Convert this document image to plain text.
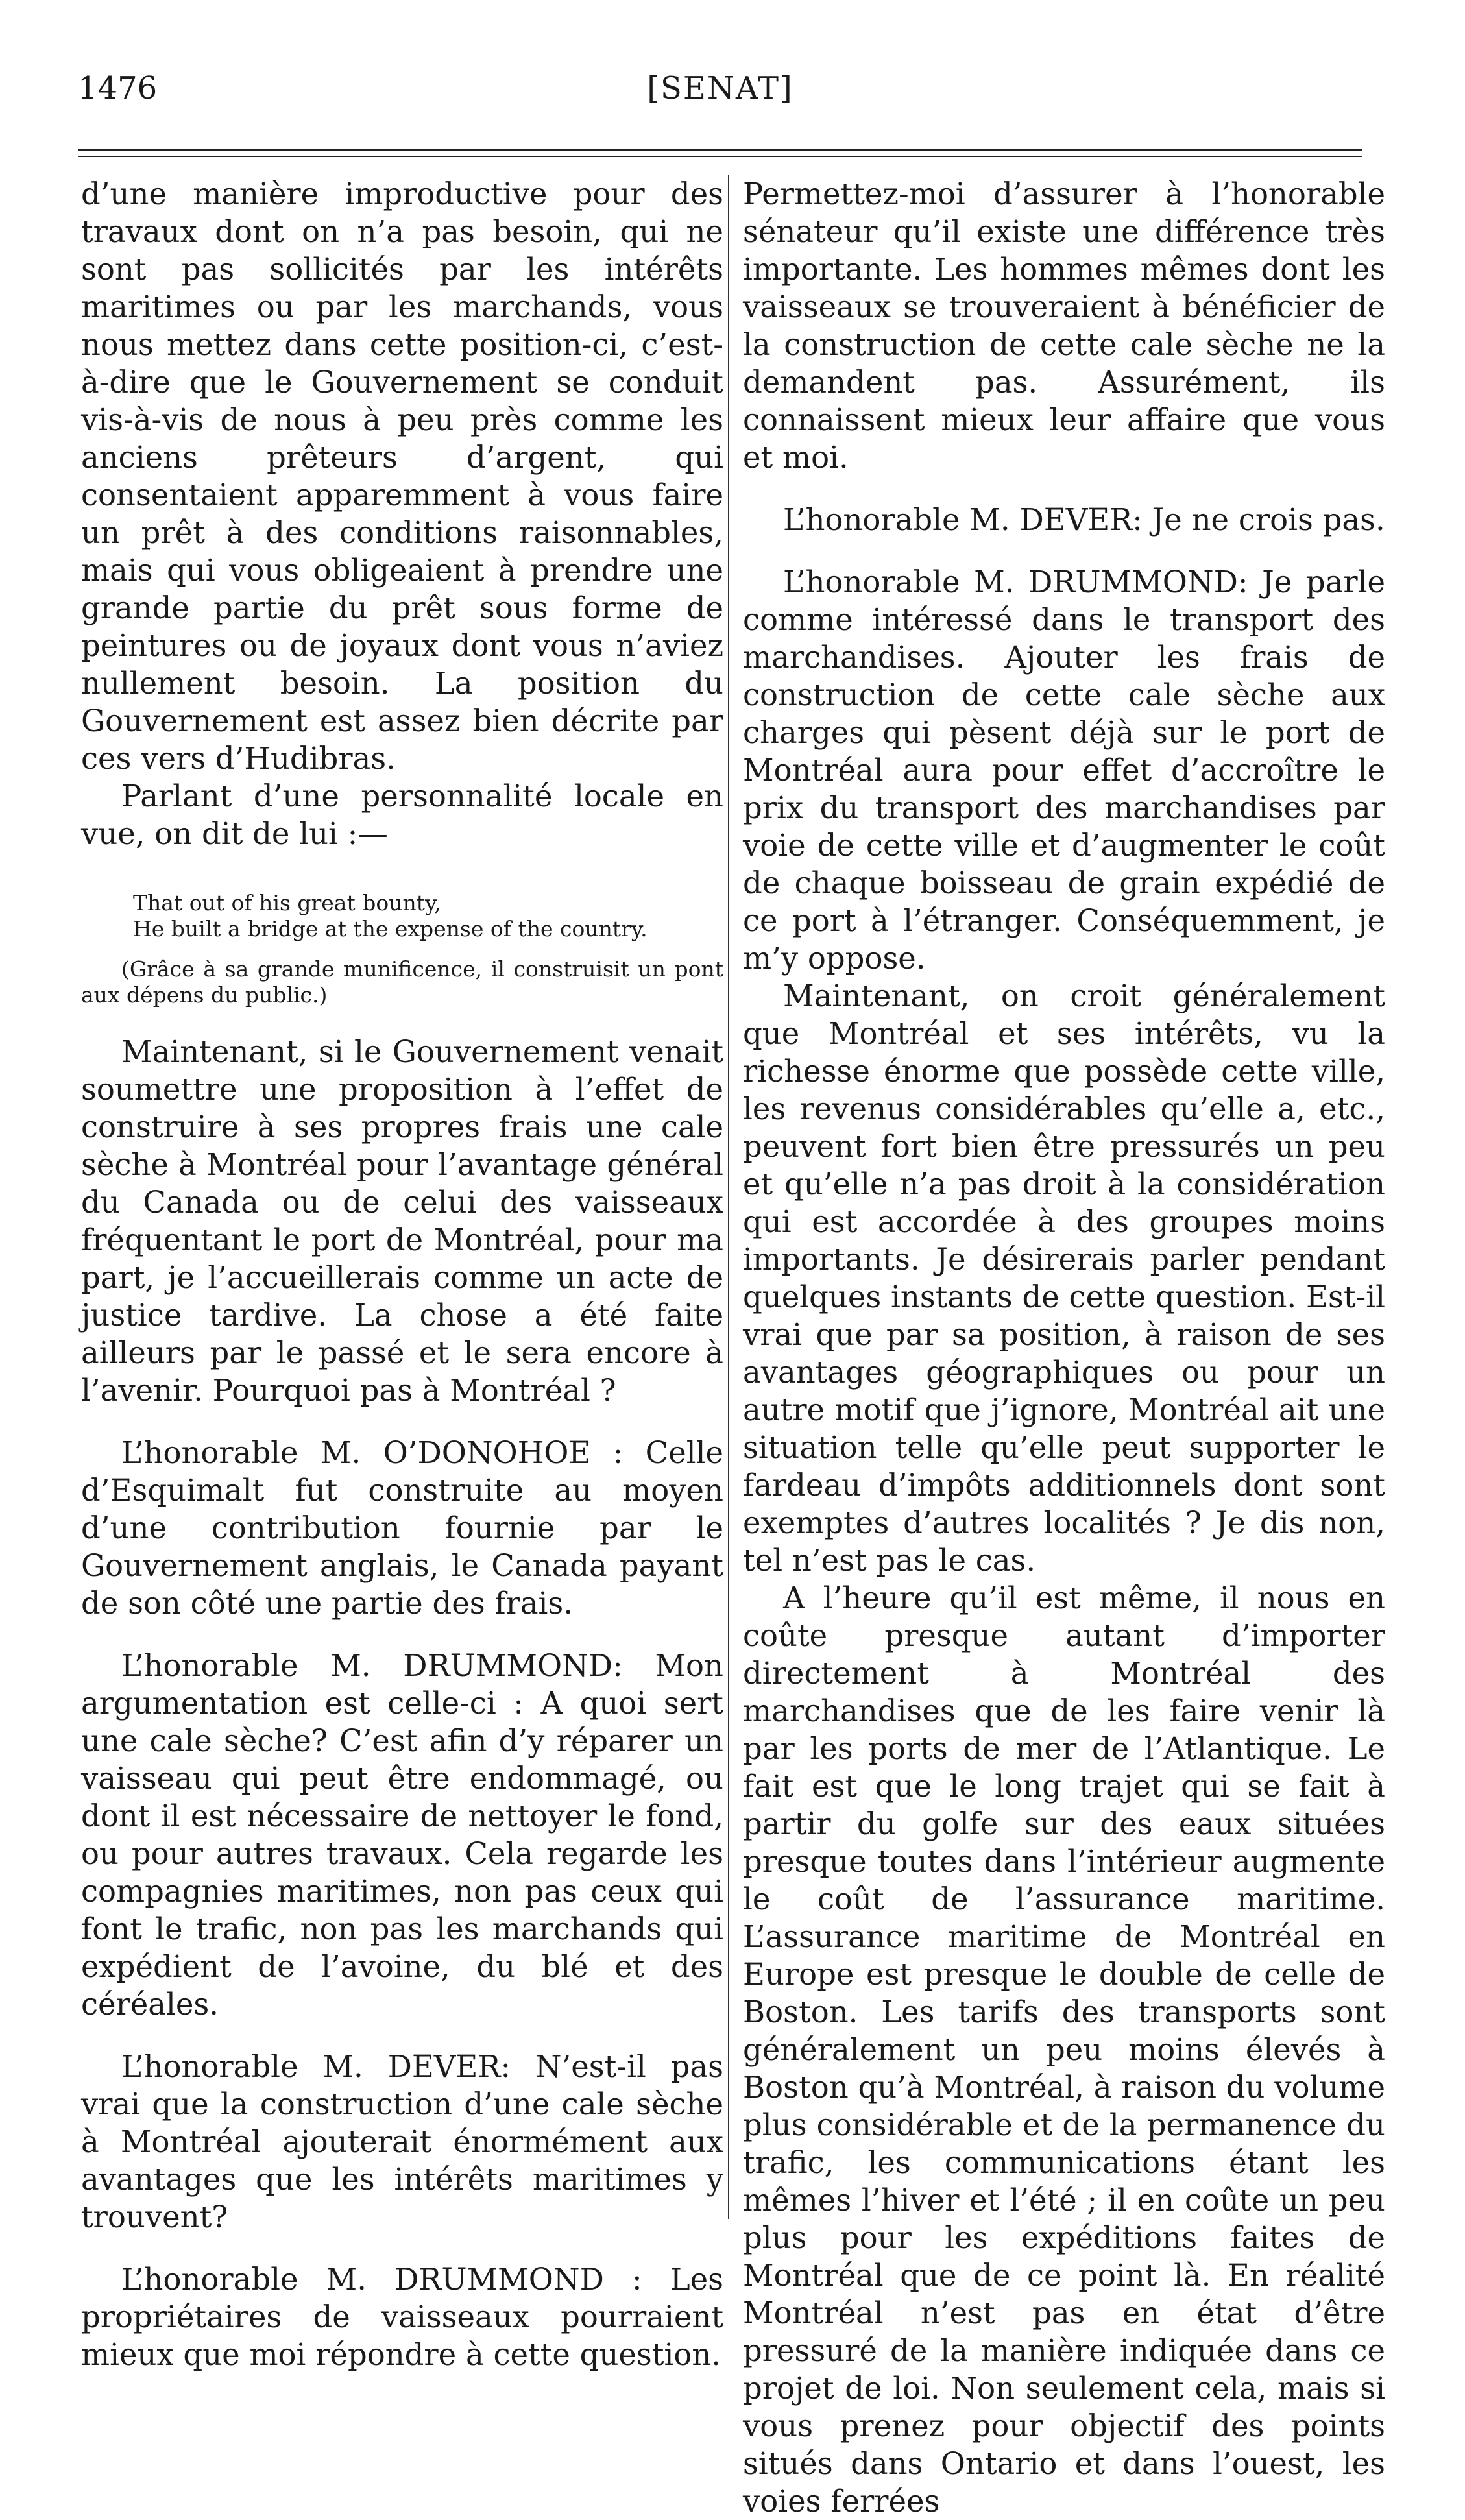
1476	[SENAT]

d’une manière improductive pour des travaux dont on n’a pas besoin, qui ne sont pas sollicités par les intérêts maritimes ou par les marchands, vous nous mettez dans cette position-ci, c’est-à-dire que le Gouvernement se conduit vis-à-vis de nous à peu près comme les anciens prêteurs d’argent, qui consentaient apparemment à vous faire un prêt à des conditions raisonnables, mais qui vous obligeaient à prendre une grande partie du prêt sous forme de peintures ou de joyaux dont vous n’aviez nullement besoin. La position du Gouvernement est assez bien décrite par ces vers d’Hudibras.

Parlant d’une personnalité locale en vue, on dit de lui :—

That out of his great bounty,
He built a bridge at the expense of the country.

(Grâce à sa grande munificence, il construisit un pont aux dépens du public.)

Maintenant, si le Gouvernement venait soumettre une proposition à l’effet de construire à ses propres frais une cale sèche à Montréal pour l’avantage général du Canada ou de celui des vaisseaux fréquentant le port de Montréal, pour ma part, je l’accueillerais comme un acte de justice tardive. La chose a été faite ailleurs par le passé et le sera encore à l’avenir. Pourquoi pas à Montréal ?

L’honorable M. O’DONOHOE : Celle d’Esquimalt fut construite au moyen d’une contribution fournie par le Gouvernement anglais, le Canada payant de son côté une partie des frais.

L’honorable M. DRUMMOND: Mon argumentation est celle-ci : A quoi sert une cale sèche? C’est afin d’y réparer un vaisseau qui peut être endommagé, ou dont il est nécessaire de nettoyer le fond, ou pour autres travaux. Cela regarde les compagnies maritimes, non pas ceux qui font le trafic, non pas les marchands qui expédient de l’avoine, du blé et des céréales.

L’honorable M. DEVER: N’est-il pas vrai que la construction d’une cale sèche à Montréal ajouterait énormément aux avantages que les intérêts maritimes y trouvent?

L’honorable M. DRUMMOND : Les propriétaires de vaisseaux pourraient mieux que moi répondre à cette question.

Permettez-moi d’assurer à l’honorable sénateur qu’il existe une différence très importante. Les hommes mêmes dont les vaisseaux se trouveraient à bénéficier de la construction de cette cale sèche ne la demandent pas. Assurément, ils connaissent mieux leur affaire que vous et moi.

L’honorable M. DEVER: Je ne crois pas.

L’honorable M. DRUMMOND: Je parle comme intéressé dans le transport des marchandises. Ajouter les frais de construction de cette cale sèche aux charges qui pèsent déjà sur le port de Montréal aura pour effet d’accroître le prix du transport des marchandises par voie de cette ville et d’augmenter le coût de chaque boisseau de grain expédié de ce port à l’étranger. Conséquemment, je m’y oppose.

Maintenant, on croit généralement que Montréal et ses intérêts, vu la richesse énorme que possède cette ville, les revenus considérables qu’elle a, etc., peuvent fort bien être pressurés un peu et qu’elle n’a pas droit à la considération qui est accordée à des groupes moins importants. Je désirerais parler pendant quelques instants de cette question. Est-il vrai que par sa position, à raison de ses avantages géographiques ou pour un autre motif que j’ignore, Montréal ait une situation telle qu’elle peut supporter le fardeau d’impôts additionnels dont sont exemptes d’autres localités ? Je dis non, tel n’est pas le cas.

A l’heure qu’il est même, il nous en coûte presque autant d’importer directement à Montréal des marchandises que de les faire venir là par les ports de mer de l’Atlantique. Le fait est que le long trajet qui se fait à partir du golfe sur des eaux situées presque toutes dans l’intérieur augmente le coût de l’assurance maritime. L’assurance maritime de Montréal en Europe est presque le double de celle de Boston. Les tarifs des transports sont généralement un peu moins élevés à Boston qu’à Montréal, à raison du volume plus considérable et de la permanence du trafic, les communications étant les mêmes l’hiver et l’été ; il en coûte un peu plus pour les expéditions faites de Montréal que de ce point là. En réalité Montréal n’est pas en état d’être pressuré de la manière indiquée dans ce projet de loi. Non seulement cela, mais si vous prenez pour objectif des points situés dans Ontario et dans l’ouest, les voies ferrées
